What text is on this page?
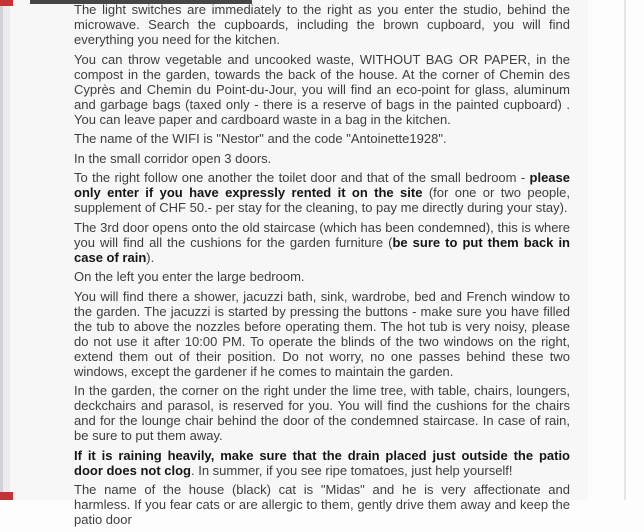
The light switches are immediately to the right as you enter the studio, behind the microwave. Search the cupboards, including the brown cupboard, you will find everything you need for the kitchen.

You can throw vegetable and uncooked waste, WITHOUT BAG OR PAPER, in the compost in the garden, towards the back of the house. At the corner of Chemin des Cyprès and Chemin du Point-du-Jour, you will find an eco-point for glass, aluminum and garbage bags (taxed only - there is a reserve of bags in the painted cupboard) . You can leave paper and cardboard waste in a bag in the kitchen.

The name of the WIFI is "Nestor" and the code "Antoinette1928".

In the small corridor open 3 doors.

To the right follow one another the toilet door and that of the small bedroom - please only enter if you have expressly rented it on the site (for one or two people, supplement of CHF 50.- per stay for the cleaning, to pay me directly during your stay).

The 3rd door opens onto the old staircase (which has been condemned), this is where you will find all the cushions for the garden furniture (be sure to put them back in case of rain).

On the left you enter the large bedroom.

You will find there a shower, jacuzzi bath, sink, wardrobe, bed and French window to the garden. The jacuzzi is started by pressing the buttons - make sure you have filled the tub to above the nozzles before operating them. The hot tub is very noisy, please do not use it after 10:00 PM. To operate the blinds of the two windows on the right, extend them out of their position. Do not worry, no one passes behind these two windows, except the gardener if he comes to maintain the garden.

In the garden, the corner on the right under the lime tree, with table, chairs, loungers, deckchairs and parasol, is reserved for you. You will find the cushions for the chairs and for the lounge chair behind the door of the condemned staircase. In case of rain, be sure to put them away.

If it is raining heavily, make sure that the drain placed just outside the patio door does not clog. In summer, if you see ripe tomatoes, just help yourself!

The name of the house (black) cat is "Midas" and he is very affectionate and harmless. If you fear cats or are allergic to them, gently drive them away and keep the patio door
